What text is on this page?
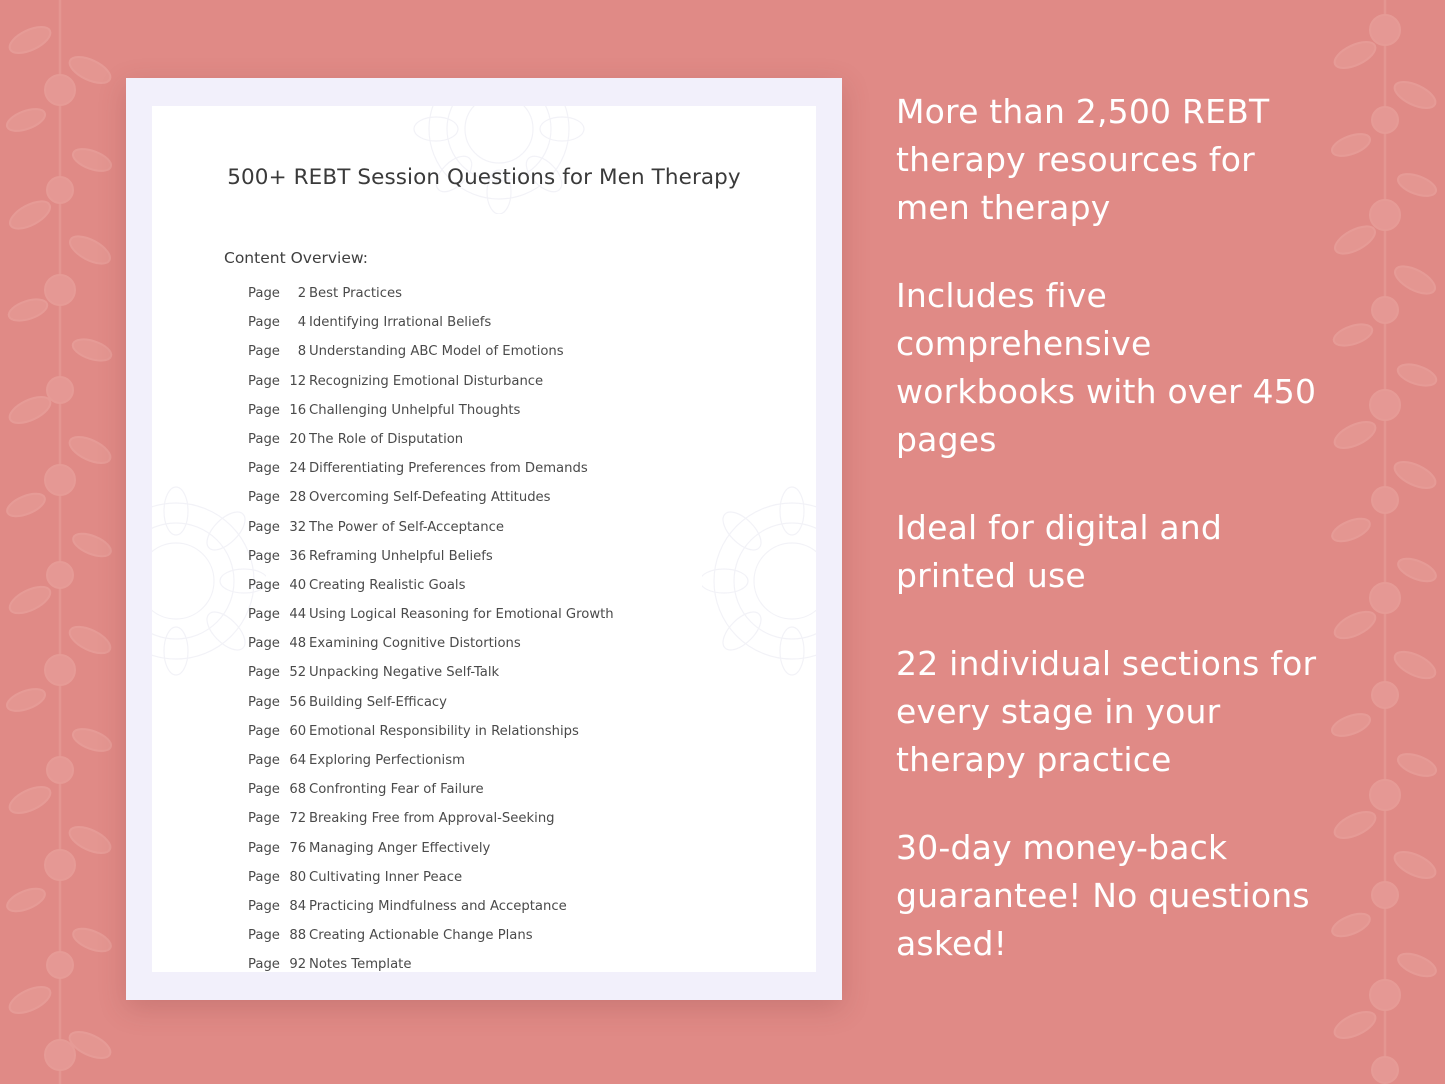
500+ REBT Session Questions for Men Therapy
Content Overview:
Page 2 Best Practices
Page 4 Identifying Irrational Beliefs
Page 8 Understanding ABC Model of Emotions
Page 12 Recognizing Emotional Disturbance
Page 16 Challenging Unhelpful Thoughts
Page 20 The Role of Disputation
Page 24 Differentiating Preferences from Demands
Page 28 Overcoming Self-Defeating Attitudes
Page 32 The Power of Self-Acceptance
Page 36 Reframing Unhelpful Beliefs
Page 40 Creating Realistic Goals
Page 44 Using Logical Reasoning for Emotional Growth
Page 48 Examining Cognitive Distortions
Page 52 Unpacking Negative Self-Talk
Page 56 Building Self-Efficacy
Page 60 Emotional Responsibility in Relationships
Page 64 Exploring Perfectionism
Page 68 Confronting Fear of Failure
Page 72 Breaking Free from Approval-Seeking
Page 76 Managing Anger Effectively
Page 80 Cultivating Inner Peace
Page 84 Practicing Mindfulness and Acceptance
Page 88 Creating Actionable Change Plans
Page 92 Notes Template
More than 2,500 REBT therapy resources for men therapy
Includes five comprehensive workbooks with over 450 pages
Ideal for digital and printed use
22 individual sections for every stage in your therapy practice
30-day money-back guarantee! No questions asked!
